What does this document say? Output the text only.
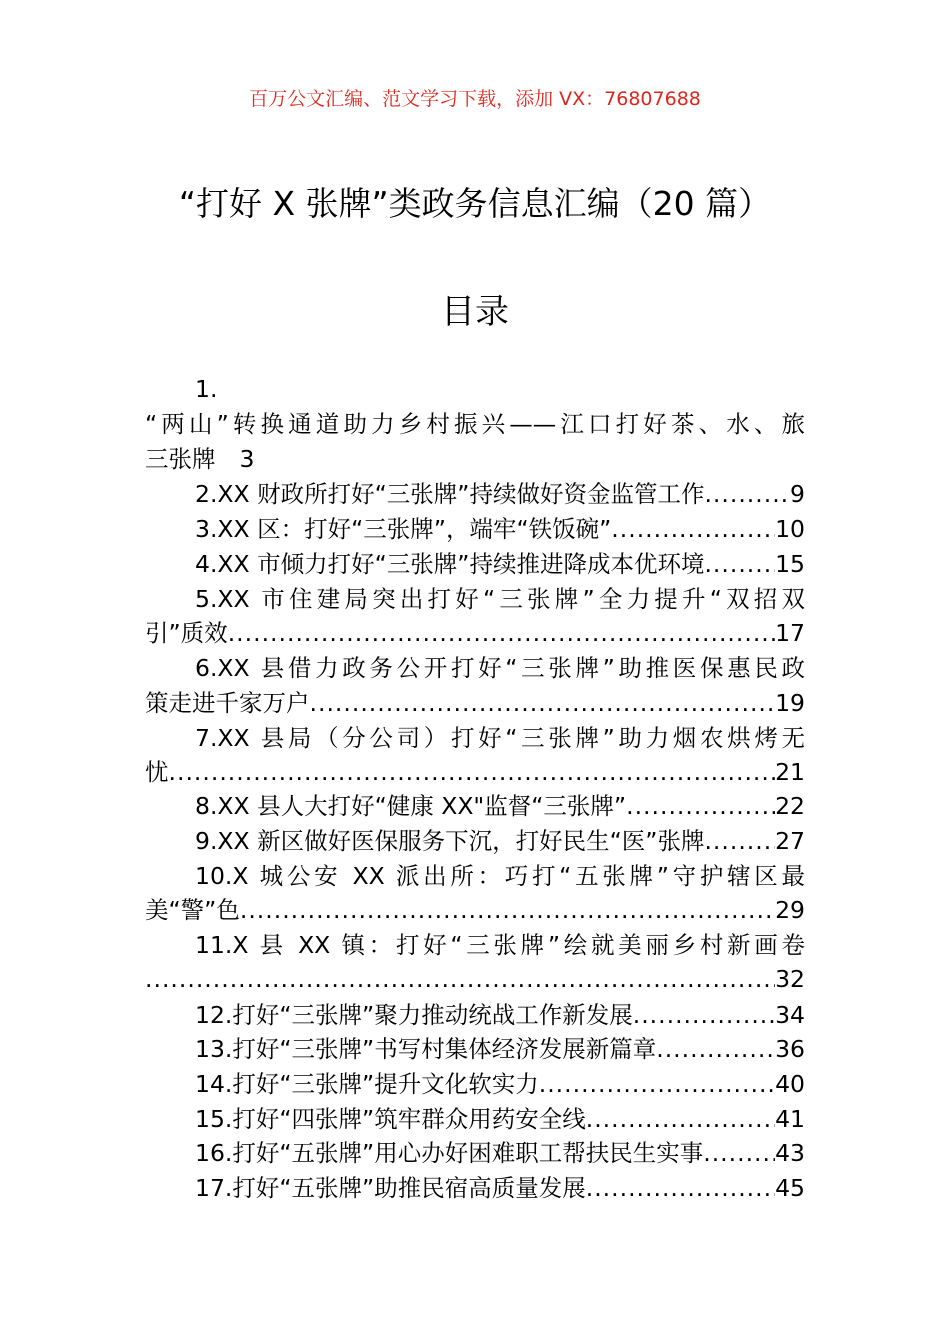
百万公文汇编、范文学习下载，添加 VX：76807688
“打好 X 张牌”类政务信息汇编（20 篇）
目录
1.
“两山”转换通道助力乡村振兴——江口打好茶、水、旅
三张牌 3
2.XX 财政所打好“三张牌”持续做好资金监管工作 .....	9
3.XX 区：打好“三张牌”，端牢“铁饭碗” .....	10
4.XX 市倾力打好“三张牌”持续推进降成本优环境 .....	15
5.XX 市住建局突出打好“三张牌”全力提升“双招双
引”质效 .....	17
6.XX 县借力政务公开打好“三张牌”助推医保惠民政
策走进千家万户 .....	19
7.XX 县局（分公司）打好“三张牌”助力烟农烘烤无
忧 .....	21
8.XX 县人大打好“健康 XX"监督“三张牌” .....	22
9.XX 新区做好医保服务下沉，打好民生“医”张牌 .....	27
10.X 城公安 XX 派出所：巧打“五张牌”守护辖区最
美“警”色 .....	29
11.X 县 XX 镇：打好“三张牌”绘就美丽乡村新画卷
.....
32
12.打好“三张牌”聚力推动统战工作新发展 .....	34
13.打好“三张牌”书写村集体经济发展新篇章 .....	36
14.打好“三张牌”提升文化软实力 .....	40
15.打好“四张牌”筑牢群众用药安全线 .....	41
16.打好“五张牌”用心办好困难职工帮扶民生实事 .....	43
17.打好“五张牌”助推民宿高质量发展 .....	45
